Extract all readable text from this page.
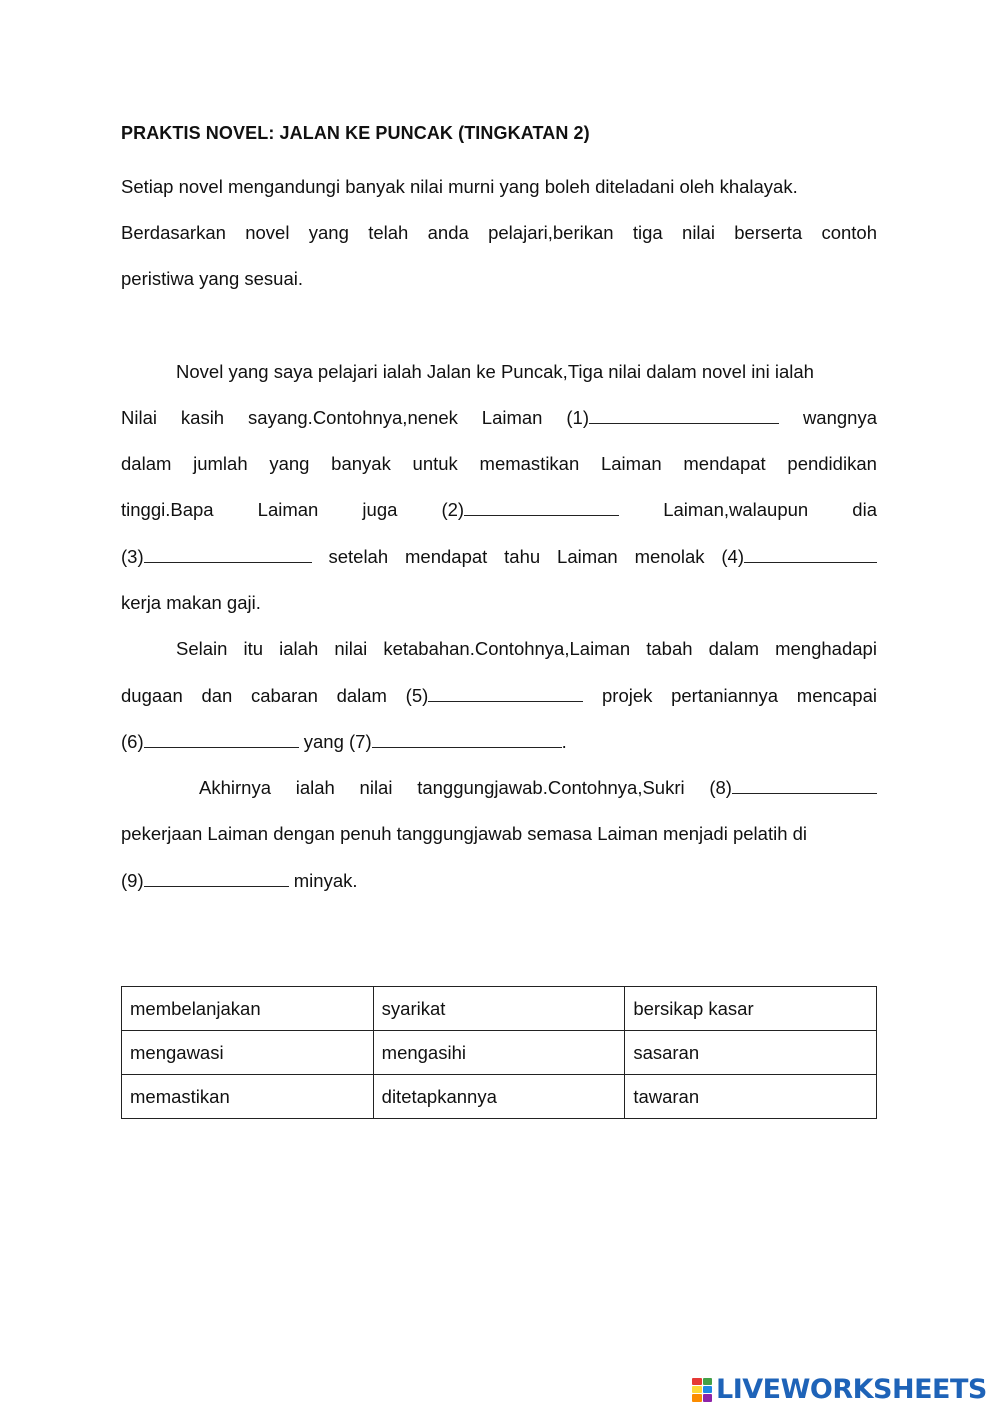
PRAKTIS NOVEL: JALAN KE PUNCAK (TINGKATAN 2)
Setiap novel mengandungi banyak nilai murni yang boleh diteladani oleh khalayak.
Berdasarkan novel yang telah anda pelajari,berikan tiga nilai berserta contoh
peristiwa yang sesuai.
Novel yang saya pelajari ialah Jalan ke Puncak,Tiga nilai dalam novel ini ialah
Nilai kasih sayang.Contohnya,nenek Laiman (1)	wangnya
dalam jumlah yang banyak untuk memastikan Laiman mendapat pendidikan
tinggi.Bapa Laiman juga (2)	Laiman,walaupun dia
(3)	setelah mendapat tahu Laiman menolak (4)
kerja makan gaji.
Selain itu ialah nilai ketabahan.Contohnya,Laiman tabah dalam menghadapi
dugaan dan cabaran dalam (5)	projek pertaniannya mencapai
(6)	yang (7)	.
Akhirnya ialah nilai tanggungjawab.Contohnya,Sukri (8)
pekerjaan Laiman dengan penuh tanggungjawab semasa Laiman menjadi pelatih di
(9)	minyak.
membelanjakan	syarikat	bersikap kasar
mengawasi	mengasihi	sasaran
memastikan	ditetapkannya	tawaran
LIVEWORKSHEETS
